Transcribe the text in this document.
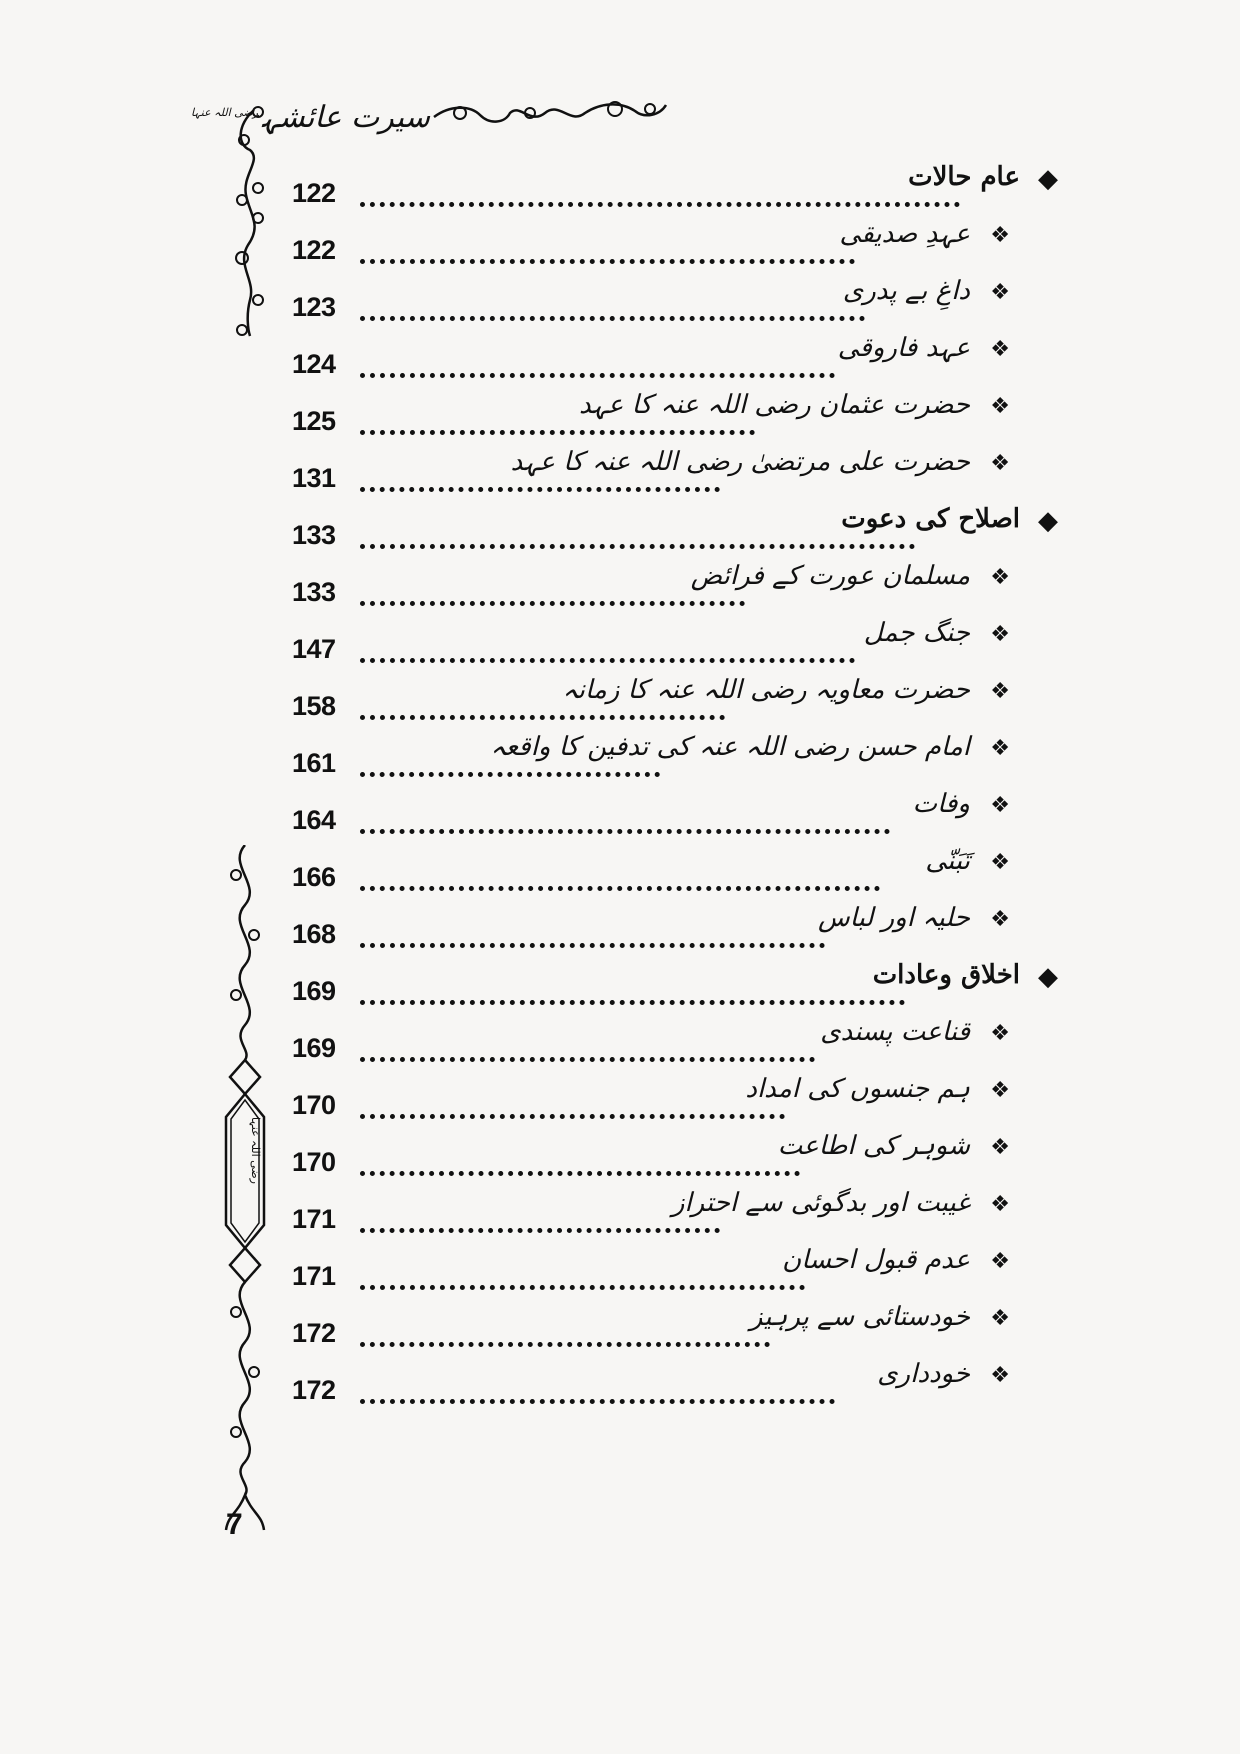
سیرت عائشہ$^{رضی اللہ عنہا}$
رضی اللہ عنہا
7
◆
عام حالات
122
❖
عہدِ صدیقی
122
❖
داغِ بے پدری
123
❖
عہد فاروقی
124
❖
حضرت عثمان رضی اللہ عنہ کا عہد
125
❖
حضرت علی مرتضیٰ رضی اللہ عنہ کا عہد
131
◆
اصلاح کی دعوت
133
❖
مسلمان عورت کے فرائض
133
❖
جنگ جمل
147
❖
حضرت معاویہ رضی اللہ عنہ کا زمانہ
158
❖
امام حسن رضی اللہ عنہ کی تدفین کا واقعہ
161
❖
وفات
164
❖
تَبَنّی
166
❖
حلیہ اور لباس
168
◆
اخلاق وعادات
169
❖
قناعت پسندی
169
❖
ہم جنسوں کی امداد
170
❖
شوہر کی اطاعت
170
❖
غیبت اور بدگوئی سے احتراز
171
❖
عدم قبول احسان
171
❖
خودستائی سے پرہیز
172
❖
خودداری
172
